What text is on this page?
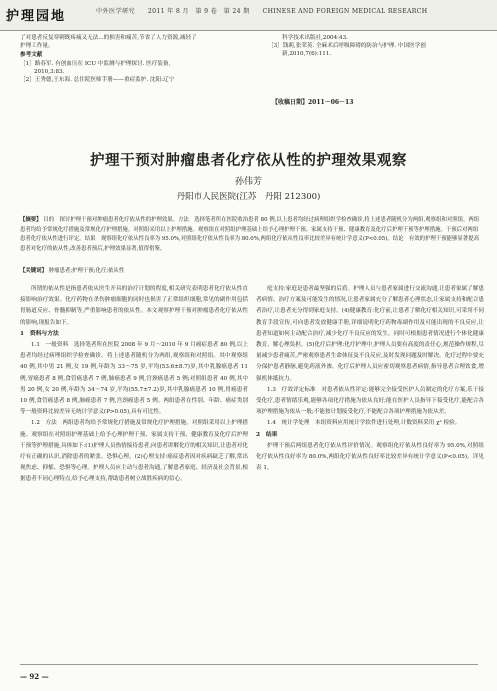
护理园地	中外医学研究　　2011 年 8 月　第 9 卷　第 24 期　　CHINESE AND FOREIGN MEDICAL RESEARCH

了对患者反复穿刺既疼痛又无法...的损害和痛苦,节省了人力资源,减轻了

护理工作量。

参考文献

［1］路春军. 有创血压在 ICU 中监测与护理探讨. 医疗装备,

2010,3:83.

［2］王秀德,王东海. 总住院医师手册——重症监护. 沈阳:辽宁

科学技术出版社,2004:43.

［3］钱莉,张荣英. 全麻术后呼吸障碍的防治与护理. 中国医学创

新,2010,7(6):111.

【收稿日期】2011－06－13
护理干预对肿瘤患者化疗依从性的护理效果观察
孙伟芳
丹阳市人民医院(江苏　丹阳 212300)
【摘要】 目的　探讨护理干预对肿瘤患者化疗依从性的护理效果。方法　选择笔者所在医院收治患者 80 例,以上患者均经过病理组织学检查确诊,将上述患者随机分为两组,观察组和对照组。两组患者均给予常规化疗措施及常规化疗护理措施。对照组采用以上护理措施。观察组在对照组护理基础上给予心理护理干预、家属支持干预、健康教育及化疗后护理干预等护理措施。干预后对两组患者化疗依从性进行评定。结果　观察组化疗依从性良率为 95.0%,对照组化疗依从性良率为 80.0%,两组化疗依从性良率比较差异有统计学意义(P<0.05)。结论　有效的护理干预能够显著提高患者对化疗的依从性,改善患者预后,护理效果显著,值得借鉴。
【关键词】 肿瘤患者;护理干预;化疗;依从性

所谓的依从性是指患者依从医生开具的治疗计划的程度,相关研究表明患者化疗依从性直接影响治疗效果。化疗药物在杀伤肿瘤细胞的同时也损害了正常组织细胞,常见的副作用包括胃肠道反应、骨髓抑制等,严重影响患者的依从性。本文观察护理干预对肿瘤患者化疗依从性的影响,现报告如下。

1　资料与方法

1.1　一般资料　选择笔者所在医院 2008 年 9 月～2010 年 9 月癌症患者 80 例,以上患者均经过病理组织学检查确诊。将上述患者随机分为两组,观察组和对照组。其中观察组 40 例,其中男 21 例,女 19 例,年龄为 33～75 岁,平均(53.6±8.7)岁,其中乳腺癌患者 11 例,胃癌患者 8 例,食管癌患者 7 例,肺癌患者 9 例,宫颈癌患者 5 例;对照组患者 40 例,其中男 20 例,女 20 例,年龄为 34～74 岁,平均(55.7±7.2)岁,其中乳腺癌患者 10 例,胃癌患者 10 例,食管癌患者 8 例,肺癌患者 7 例,宫颈癌患者 5 例。两组患者在性别、年龄、癌症类别等一般资料比较差异无统计学意义(P>0.05),具有可比性。

1.2　方法　两组患者均给予常规化疗措施及常规化疗护理措施。对照组采用以上护理措施。观察组在对照组护理基础上给予心理护理干预、家属支持干预、健康教育及化疗后护理干预等护理措施,具体如下:(1)护理人员热情接待患者,向患者讲解化疗的相关知识,让患者对化疗有正确的认识,消除患者的紧张、恐惧心理。(2)心理支持:癌症患者因对疾病缺乏了解,常出现焦虑、抑郁、恐惧等心理。护理人员应主动与患者沟通,了解患者家庭、经济及社会背景,根据患者不同心理特点,给予心理支持,帮助患者树立战胜疾病的信心。

庭支持:家庭是患者最坚强的后盾。护理人员与患者家属进行交流沟通,让患者家属了解患者病情、治疗方案及可能发生的情况,让患者家属充分了解患者心理状态,让家属支持和配合患者治疗,让患者充分得到家庭支持。(4)健康教育:化疗前,让患者了解化疗相关知识,可采用不同教育手段宣传,可向患者发放健康手册,详细说明化疗药物毒副作用及可能出现的不良反应,让患者知道如何主动配合治疗,减少化疗不良反应的发生。同时可根据患者情况进行个体化健康教育、解心理负担。(5)化疗后护理:化疗护理中,护理人员要有高度的责任心,规范操作规程,尽量减少患者痛苦,严密观察患者生命体征及不良反应,及时发现问题及时解决。化疗过程中要充分保护患者静脉,避免药液外渗。化疗后护理人员应密切观察患者病情,指导患者合理饮食,增强机体抵抗力。

1.3　疗效评定标准　对患者依从性评定:能够完全接受医护人员制定的化疗方案,乐于接受化疗,患者情绪乐观,能够各项化疗措施为依从良好;能在医护人员指导下接受化疗,能配合各项护理措施为依从一般;不能按计划接受化疗,不能配合各项护理措施为依从差。

1.4　统计学处理　本组资料应用统计学软件进行处理,计数资料采用 χ² 检验。

2　结果

护理干预后两组患者化疗依从性评价情况。观察组化疗依从性良好率为 95.0%,对照组化疗依从性良好率为 80.0%,两组化疗依从性良好率比较差异有统计学意义(P<0.05)。详见表 1。

— 92 —
